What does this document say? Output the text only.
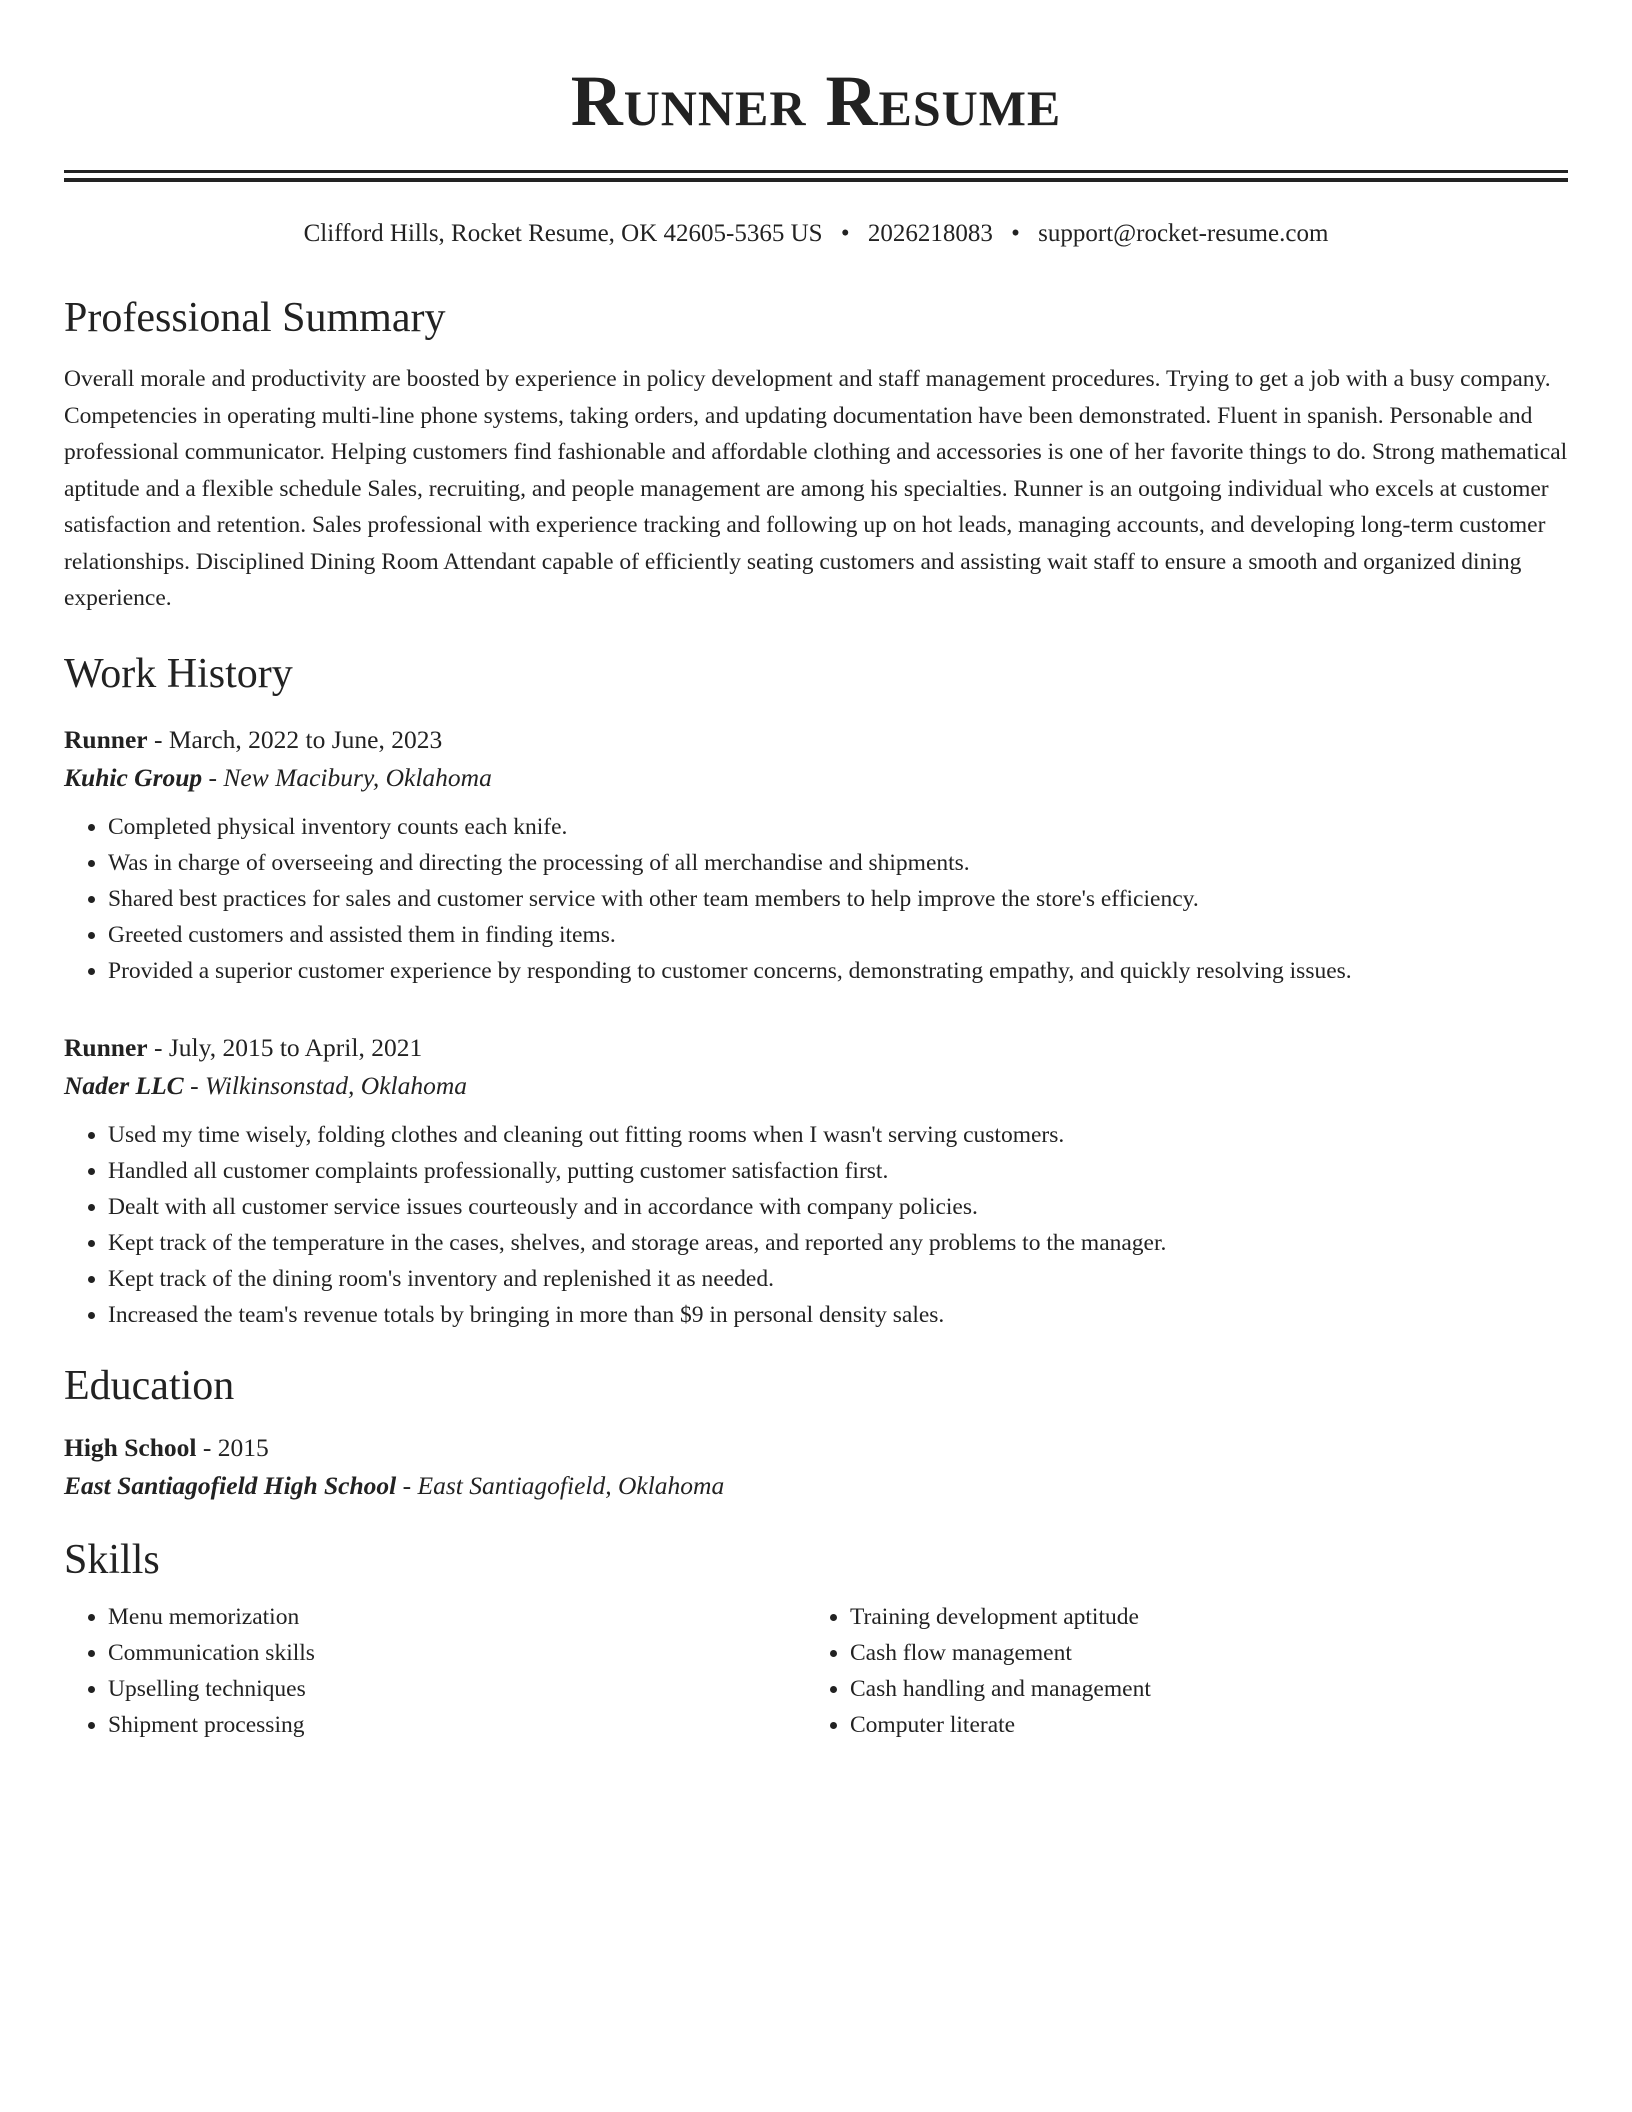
Runner Resume
Clifford Hills, Rocket Resume, OK 42605-5365 US • 2026218083 • support@rocket-resume.com
Professional Summary

Overall morale and productivity are boosted by experience in policy development and staff management procedures. Trying to get a job with a busy company. Competencies in operating multi-line phone systems, taking orders, and updating documentation have been demonstrated. Fluent in spanish. Personable and professional communicator. Helping customers find fashionable and affordable clothing and accessories is one of her favorite things to do. Strong mathematical aptitude and a flexible schedule Sales, recruiting, and people management are among his specialties. Runner is an outgoing individual who excels at customer satisfaction and retention. Sales professional with experience tracking and following up on hot leads, managing accounts, and developing long-term customer relationships. Disciplined Dining Room Attendant capable of efficiently seating customers and assisting wait staff to ensure a smooth and organized dining experience.

Work History
Runner - March, 2022 to June, 2023
Kuhic Group - New Macibury, Oklahoma
• Completed physical inventory counts each knife.
• Was in charge of overseeing and directing the processing of all merchandise and shipments.
• Shared best practices for sales and customer service with other team members to help improve the store's efficiency.
• Greeted customers and assisted them in finding items.
• Provided a superior customer experience by responding to customer concerns, demonstrating empathy, and quickly resolving issues.
Runner - July, 2015 to April, 2021
Nader LLC - Wilkinsonstad, Oklahoma
• Used my time wisely, folding clothes and cleaning out fitting rooms when I wasn't serving customers.
• Handled all customer complaints professionally, putting customer satisfaction first.
• Dealt with all customer service issues courteously and in accordance with company policies.
• Kept track of the temperature in the cases, shelves, and storage areas, and reported any problems to the manager.
• Kept track of the dining room's inventory and replenished it as needed.
• Increased the team's revenue totals by bringing in more than $9 in personal density sales.
Education
High School - 2015
East Santiagofield High School - East Santiagofield, Oklahoma
Skills
• Menu memorization
• Communication skills
• Upselling techniques
• Shipment processing
• Training development aptitude
• Cash flow management
• Cash handling and management
• Computer literate
